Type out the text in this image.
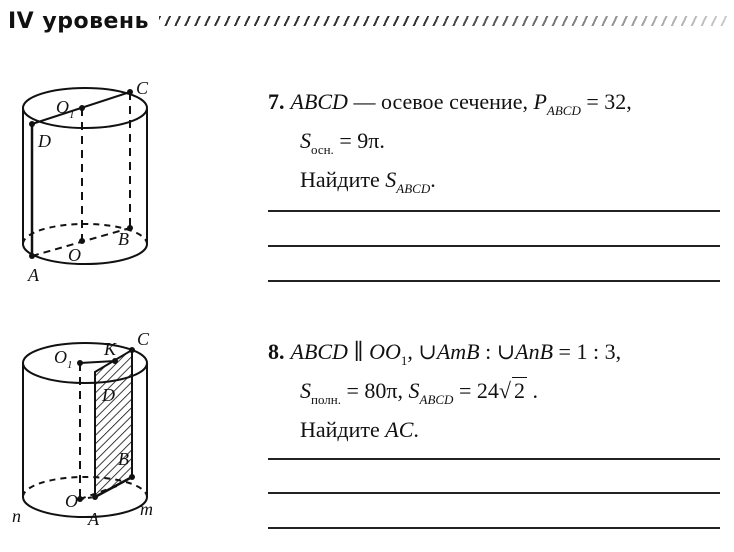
IV уровень
C
O 1
D
O
B
A
7. ABCD — осевое сечение, $P_{ABCD} = 32$,
$S_{осн.} = 9\pi$.
Найдите $S_{ABCD}$.
C
K
O 1
D
B
O
n	A m
8. ABCD ∥ $OO_1$, ∪AmB : ∪AnB = 1 : 3,
$S_{полн.} = 80\pi$, $S_{ABCD} = 24√$ 2 .
Найдите AC.
